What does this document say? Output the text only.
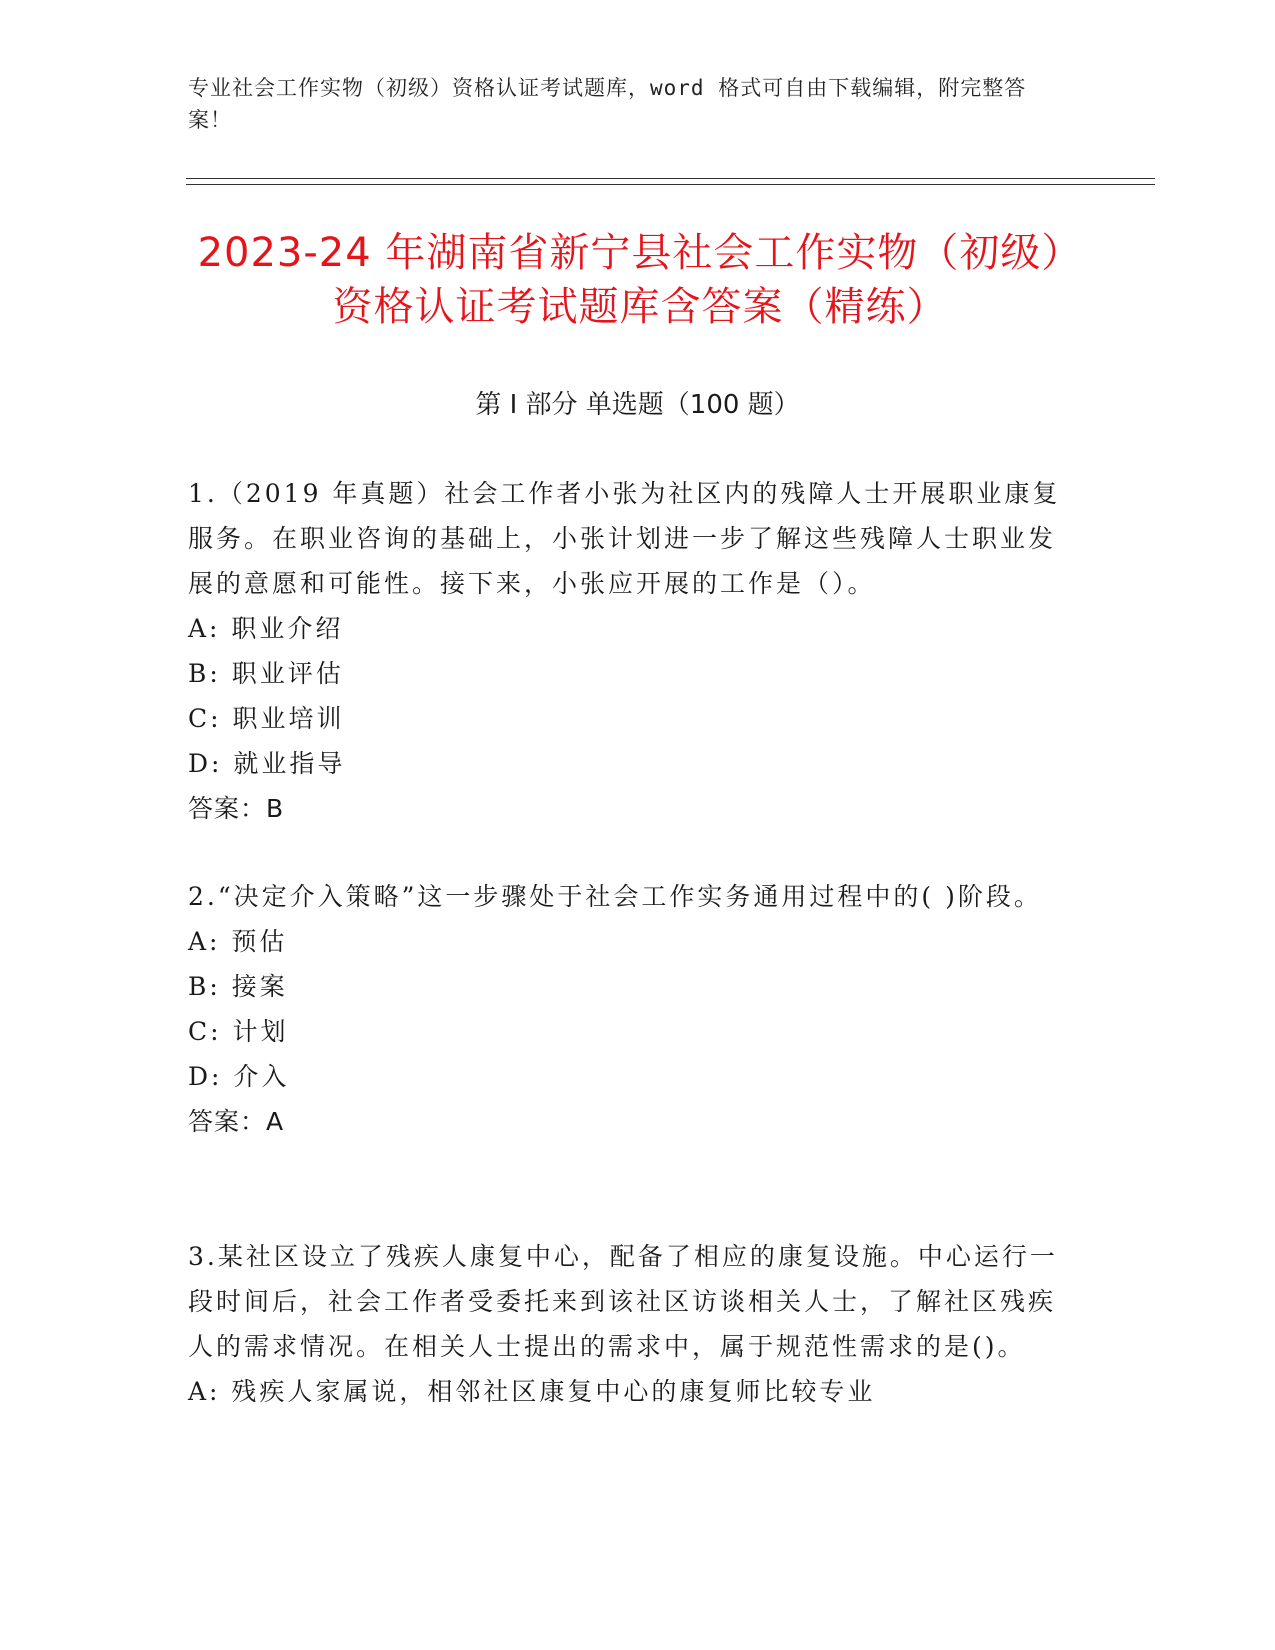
专业社会工作实物（初级）资格认证考试题库，word 格式可自由下载编辑，附完整答案！
2023-24 年湖南省新宁县社会工作实物（初级）资格认证考试题库含答案（精练）
第 I 部分 单选题（100 题）
1.（2019 年真题）社会工作者小张为社区内的残障人士开展职业康复服务。在职业咨询的基础上，小张计划进一步了解这些残障人士职业发展的意愿和可能性。接下来，小张应开展的工作是（）。
A: 职业介绍
B: 职业评估
C: 职业培训
D: 就业指导
答案：B
2.“决定介入策略”这一步骤处于社会工作实务通用过程中的( )阶段。
A: 预估
B: 接案
C: 计划
D: 介入
答案：A
3.某社区设立了残疾人康复中心，配备了相应的康复设施。中心运行一段时间后，社会工作者受委托来到该社区访谈相关人士，了解社区残疾人的需求情况。在相关人士提出的需求中，属于规范性需求的是()。
A: 残疾人家属说，相邻社区康复中心的康复师比较专业
